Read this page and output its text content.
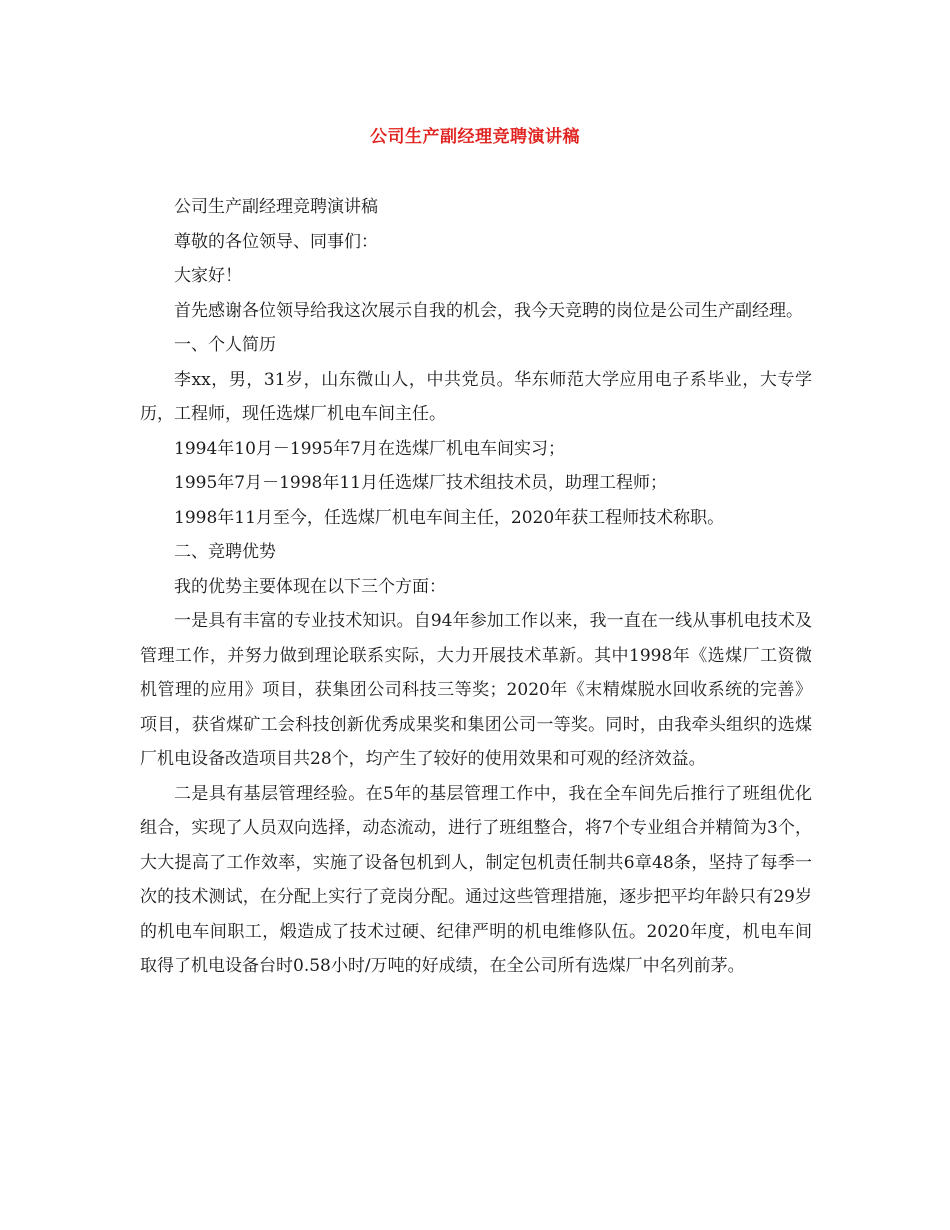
公司生产副经理竞聘演讲稿

公司生产副经理竞聘演讲稿

尊敬的各位领导、同事们：

大家好！

首先感谢各位领导给我这次展示自我的机会，我今天竞聘的岗位是公司生产副经理。

一、个人简历

李xx，男，31岁，山东微山人，中共党员。华东师范大学应用电子系毕业，大专学历，工程师，现任选煤厂机电车间主任。

1994年10月－1995年7月在选煤厂机电车间实习；

1995年7月－1998年11月任选煤厂技术组技术员，助理工程师；

1998年11月至今，任选煤厂机电车间主任，2020年获工程师技术称职。

二、竞聘优势

我的优势主要体现在以下三个方面：

一是具有丰富的专业技术知识。自94年参加工作以来，我一直在一线从事机电技术及管理工作，并努力做到理论联系实际，大力开展技术革新。其中1998年《选煤厂工资微机管理的应用》项目，获集团公司科技三等奖；2020年《末精煤脱水回收系统的完善》项目，获省煤矿工会科技创新优秀成果奖和集团公司一等奖。同时，由我牵头组织的选煤厂机电设备改造项目共28个，均产生了较好的使用效果和可观的经济效益。

二是具有基层管理经验。在5年的基层管理工作中，我在全车间先后推行了班组优化组合，实现了人员双向选择，动态流动，进行了班组整合，将7个专业组合并精简为3个，大大提高了工作效率，实施了设备包机到人，制定包机责任制共6章48条，坚持了每季一次的技术测试，在分配上实行了竞岗分配。通过这些管理措施，逐步把平均年龄只有29岁的机电车间职工，煅造成了技术过硬、纪律严明的机电维修队伍。2020年度，机电车间取得了机电设备台时0.58小时/万吨的好成绩，在全公司所有选煤厂中名列前茅。
